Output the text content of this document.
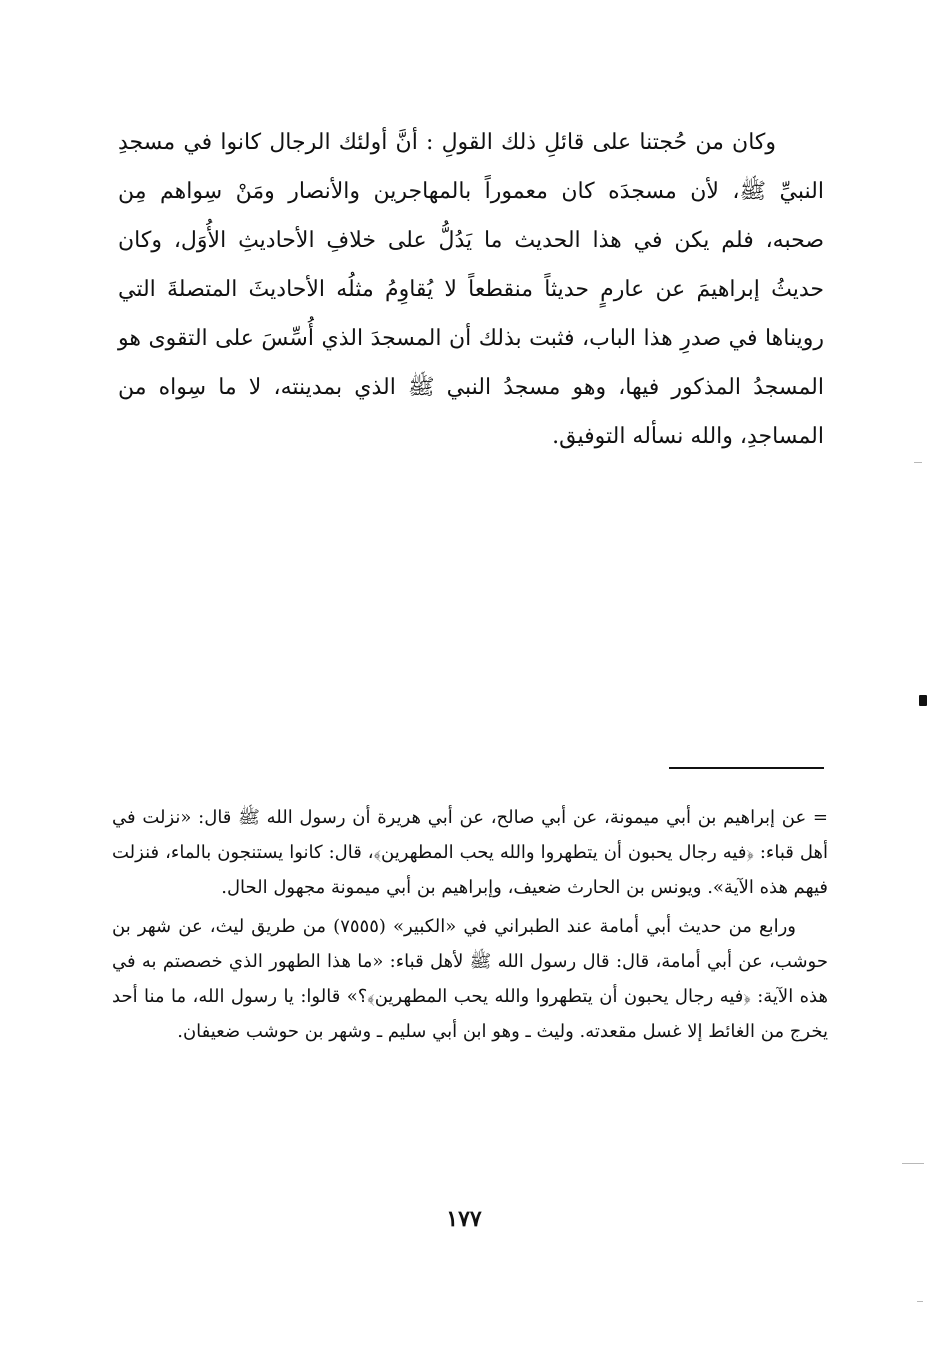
وكان من حُجتنا على قائلِ ذلك القولِ : أنَّ أولئك الرجال كانوا في مسجدِ النبيِّ ﷺ، لأن مسجدَه كان معموراً بالمهاجرين والأنصار ومَنْ سِواهم مِن صحبه، فلم يكن في هذا الحديث ما يَدُلُّ على خلافِ الأحاديثِ الأُوَل، وكان حديثُ إبراهيمَ عن عارمٍ حديثاً منقطعاً لا يُقاوِمُ مثلُه الأحاديثَ المتصلةَ التي رويناها في صدرِ هذا الباب، فثبت بذلك أن المسجدَ الذي أُسِّسَ على التقوى هو المسجدُ المذكور فيها، وهو مسجدُ النبي ﷺ الذي بمدينته، لا ما سِواه من المساجدِ، والله نسأله التوفيق.

= عن إبراهيم بن أبي ميمونة، عن أبي صالح، عن أبي هريرة أن رسول الله ﷺ قال: «نزلت في أهل قباء: ﴿فيه رجال يحبون أن يتطهروا والله يحب المطهرين﴾، قال: كانوا يستنجون بالماء، فنزلت فيهم هذه الآية». ويونس بن الحارث ضعيف، وإبراهيم بن أبي ميمونة مجهول الحال.

ورابع من حديث أبي أمامة عند الطبراني في «الكبير» (٧٥٥٥) من طريق ليث، عن شهر بن حوشب، عن أبي أمامة، قال: قال رسول الله ﷺ لأهل قباء: «ما هذا الطهور الذي خصصتم به في هذه الآية: ﴿فيه رجال يحبون أن يتطهروا والله يحب المطهرين﴾؟» قالوا: يا رسول الله، ما منا أحد يخرج من الغائط إلا غسل مقعدته. وليث ـ وهو ابن أبي سليم ـ وشهر بن حوشب ضعيفان.

١٧٧
